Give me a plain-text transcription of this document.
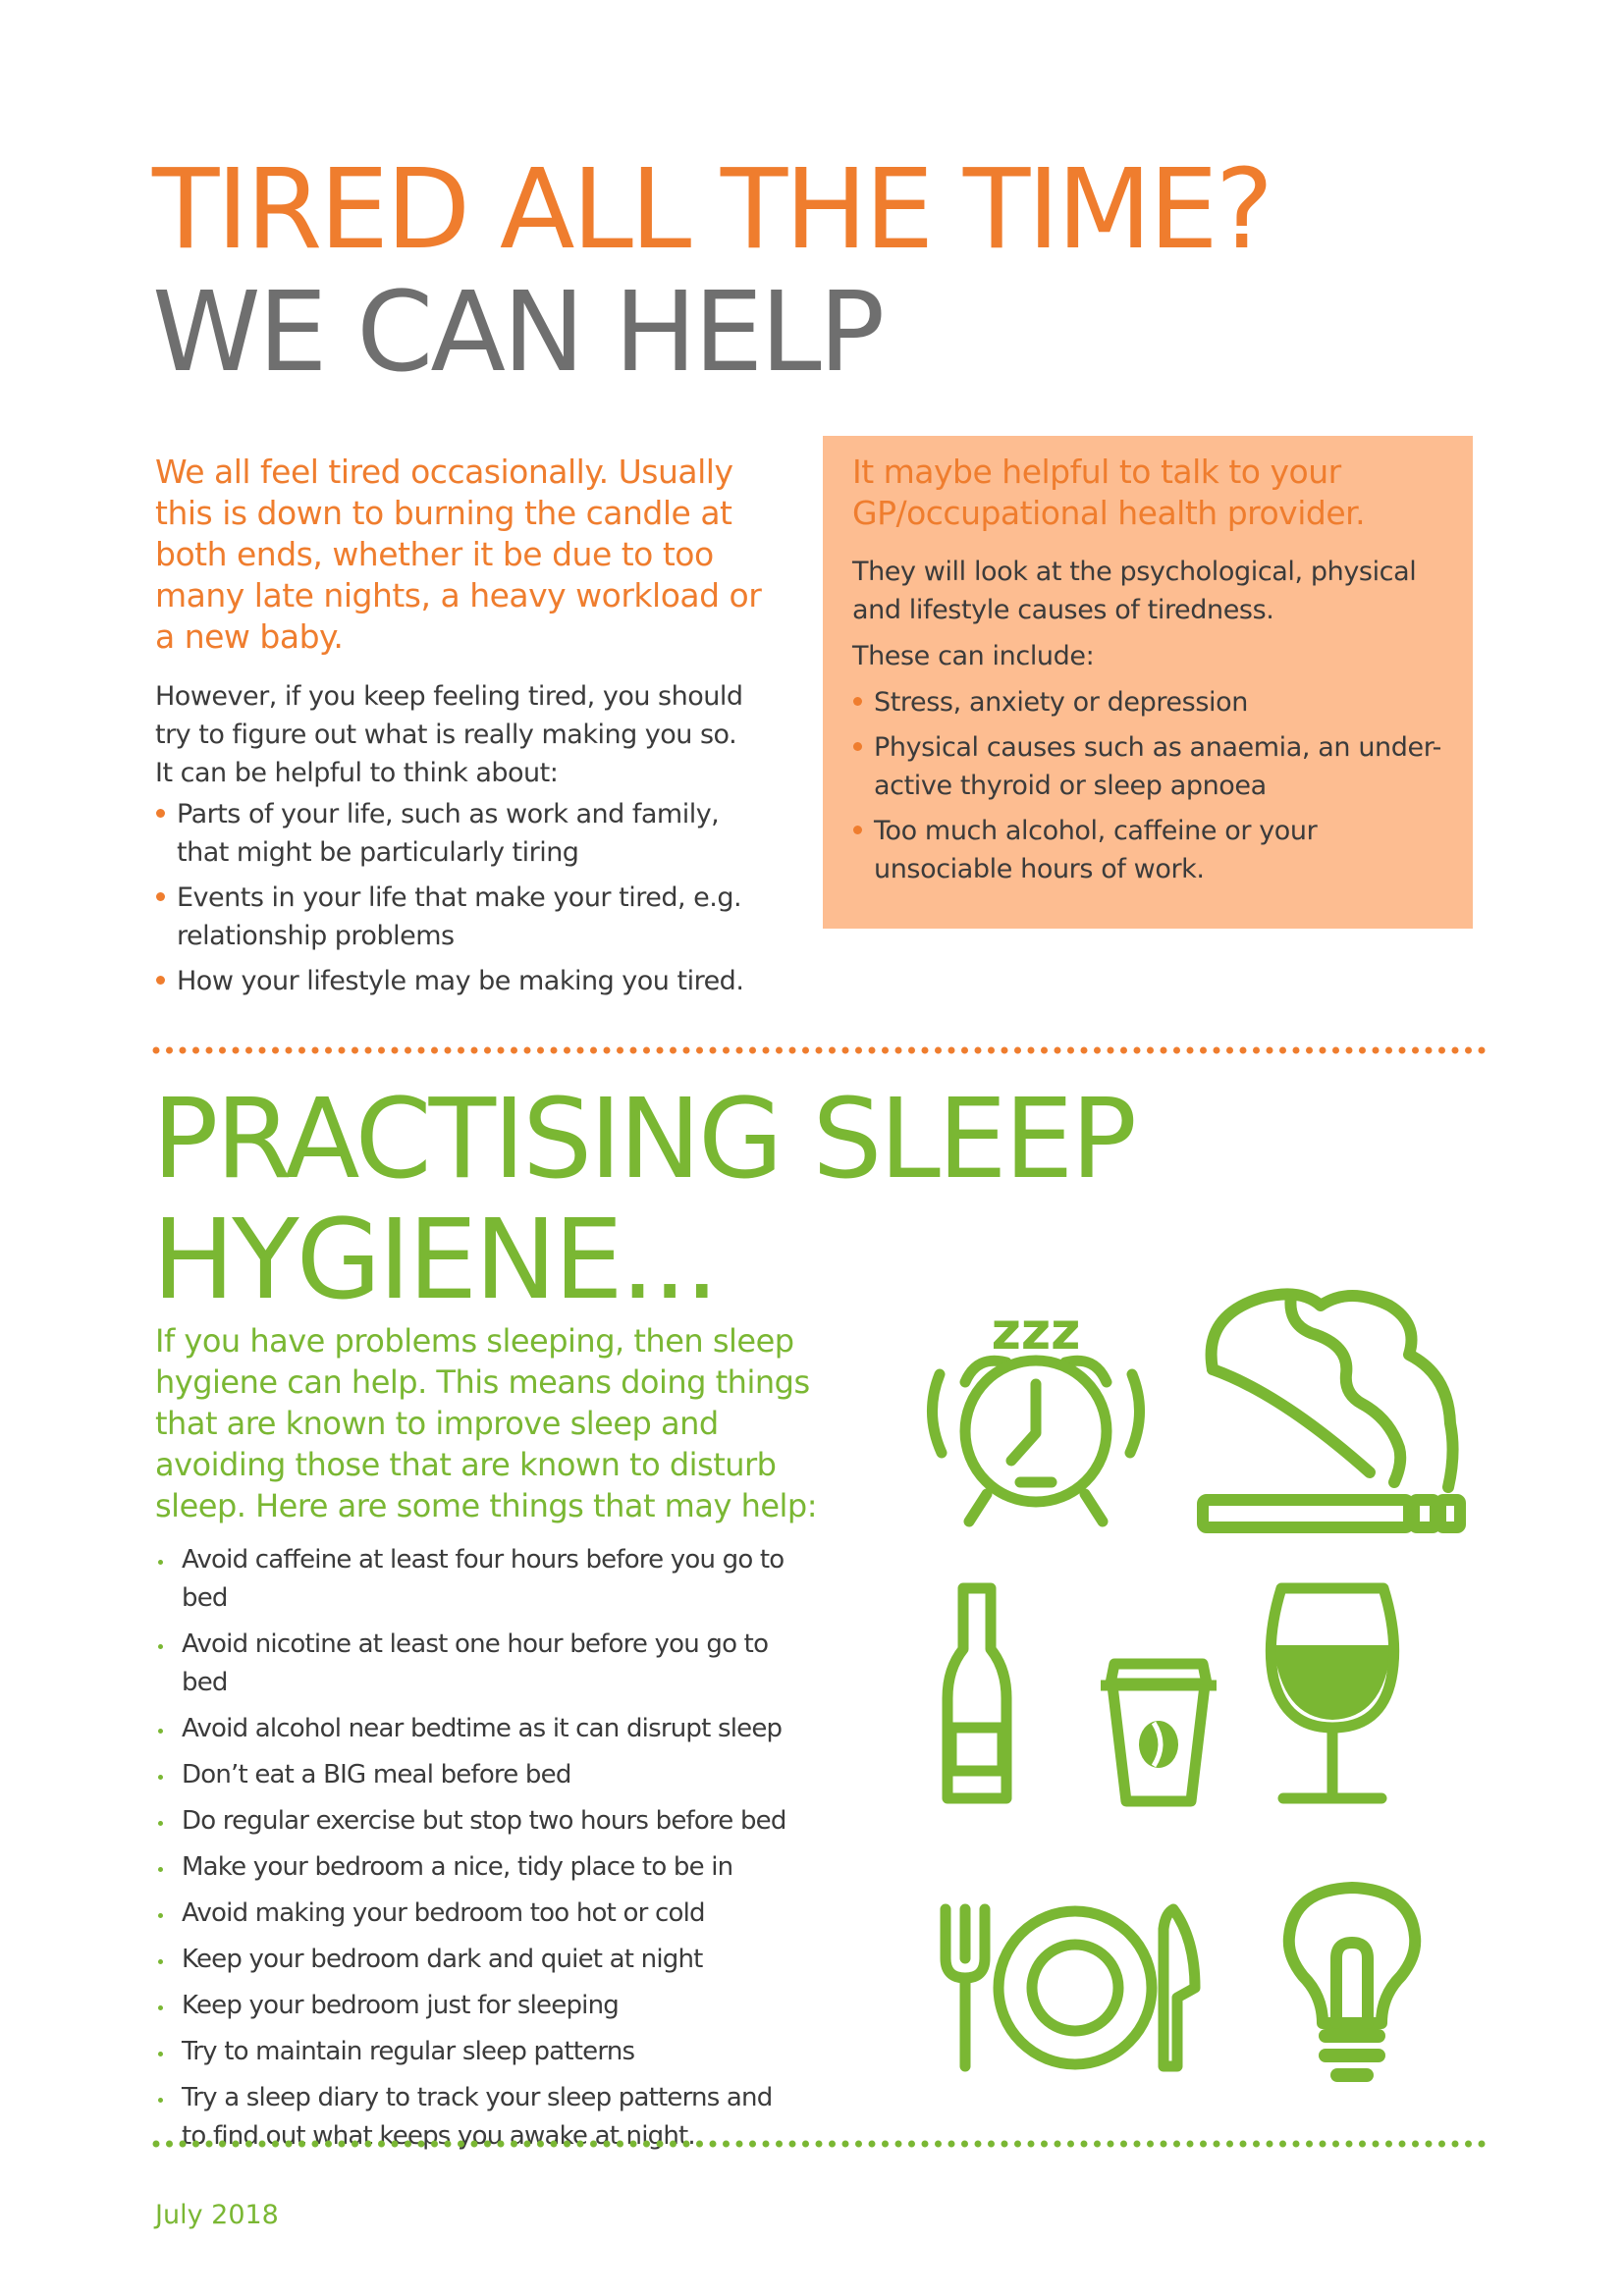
TIRED ALL THE TIME?
WE CAN HELP
We all feel tired occasionally. Usually this is down to burning the candle at both ends, whether it be due to too many late nights, a heavy workload or a new baby.
However, if you keep feeling tired, you should try to figure out what is really making you so. It can be helpful to think about:
Parts of your life, such as work and family, that might be particularly tiring
Events in your life that make your tired, e.g. relationship problems
How your lifestyle may be making you tired.
It maybe helpful to talk to your GP/occupational health provider.

They will look at the psychological, physical and lifestyle causes of tiredness.

These can include:

Stress, anxiety or depression
Physical causes such as anaemia, an under-active thyroid or sleep apnoea
Too much alcohol, caffeine or your unsociable hours of work.
PRACTISING SLEEP
HYGIENE...
If you have problems sleeping, then sleep hygiene can help. This means doing things that are known to improve sleep and avoiding those that are known to disturb sleep. Here are some things that may help:
Avoid caffeine at least four hours before you go to bed
Avoid nicotine at least one hour before you go to bed
Avoid alcohol near bedtime as it can disrupt sleep
Don’t eat a BIG meal before bed
Do regular exercise but stop two hours before bed
Make your bedroom a nice, tidy place to be in
Avoid making your bedroom too hot or cold
Keep your bedroom dark and quiet at night
Keep your bedroom just for sleeping
Try to maintain regular sleep patterns
Try a sleep diary to track your sleep patterns and to find out what keeps you awake at night.
zzz
July 2018
